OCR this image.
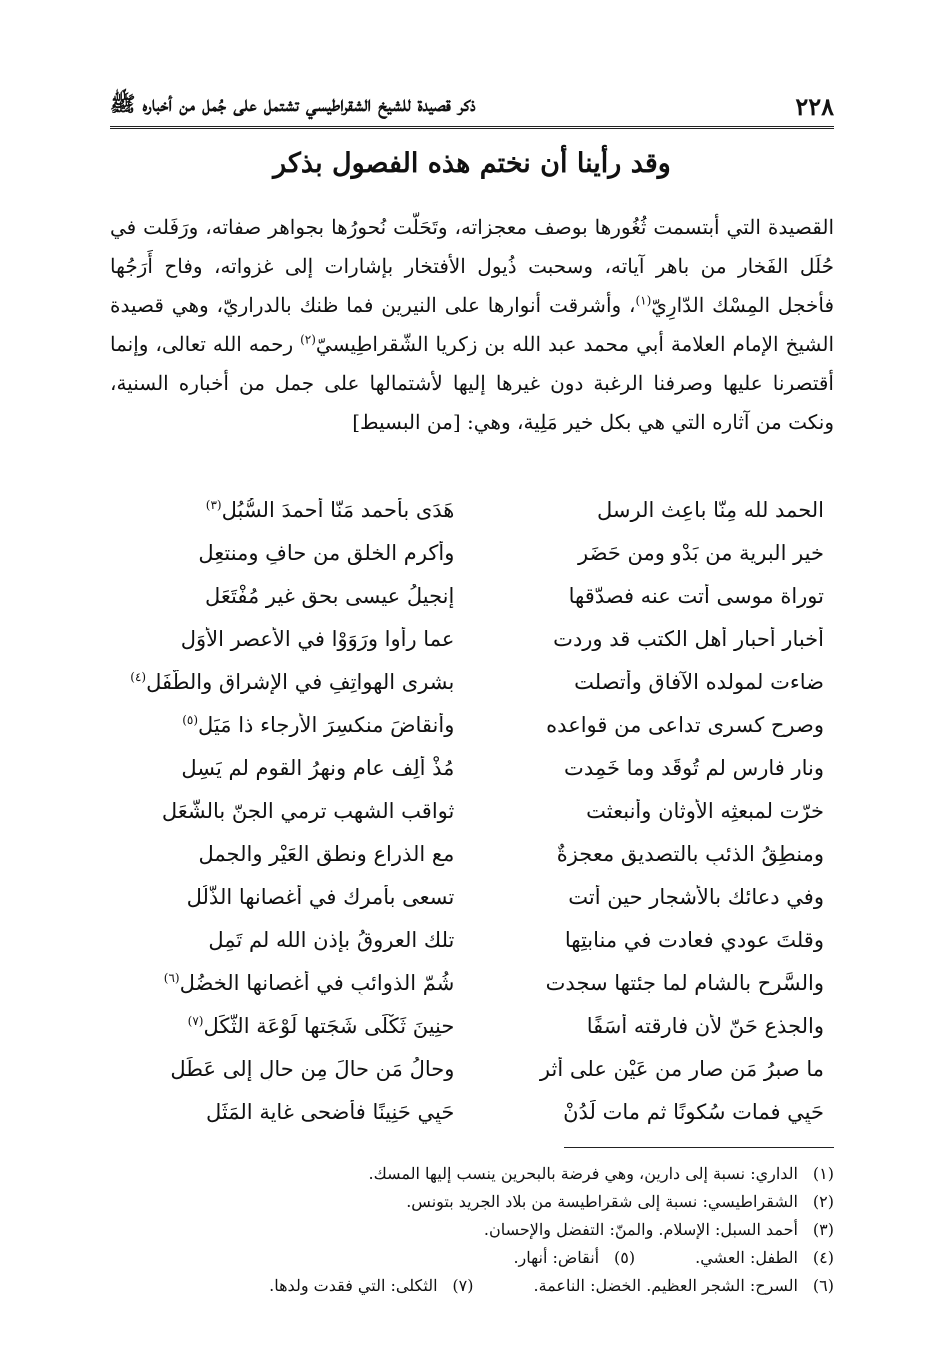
٢٢٨
ذكر قصيدة للشيخ الشقراطيسي تشتمل على جُمل من أخباره ﷺ
وقد رأينا أن نختم هذه الفصول بذكر

القصيدة التي أبتسمت ثُغُورها بوصف معجزاته، وتَحَلّت نُحورُها بجواهر صفاته، ورَفَلت في حُلَل الفَخار من باهر آياته، وسحبت ذُيول الأفتخار بإشارات إلى غزواته، وفاح أَرَجُها فأخجل المِسْك الدّارِيّ$^{(١)}$، وأشرقت أنوارها على النيرين فما ظنك بالدراريّ، وهي قصيدة الشيخ الإمام العلامة أبي محمد عبد الله بن زكريا الشّقراطِيسيّ$^{(٢)}$ رحمه الله تعالى، وإنما أقتصرنا عليها وصرفنا الرغبة دون غيرها إليها لأشتمالها على جمل من أخباره السنية، ونكت من آثاره التي هي بكل خير مَلِية، وهي: [من البسيط]

الحمد لله مِنّا باعِث الرسلِ
هَدَى بأحمد مَنّا أحمدَ السُّبُلِ$^{(٣)}$
خير البرية من بَدْوٍ ومن حَضَرِ
وأكرم الخلق من حافٍ ومنتعِلِ
توراة موسى أتت عنه فصدّقها
إنجيلُ عيسى بحقٍ غير مُفْتَعَلِ
أخبار أحبارِ أهل الكتب قد وردت
عما رأوا ورَوَوْا في الأعصر الأوَلِ
ضاءت لمولده الآفاق وأتصلت
بشرى الهواتِفِ في الإشراقِ والطَّفَلِ$^{(٤)}$
وصرح كسرى تداعى من قواعده
وأنقاضَ منكسِرَ الأرجاء ذا مَيَلِ$^{(٥)}$
ونار فارس لم تُوقَد وما خَمِدت
مُذْ أَلِف عام ونهرُ القوم لم يَسِلِ
خرّت لمبعثِه الأوثان وأنبعثت
ثواقب الشهب ترمي الجنّ بالشُّعَلِ
ومنطِقُ الذئبِ بالتصديق معجزةٌ
مع الذراع ونطق العَيْرِ والجملِ
وفي دعائك بالأشجار حين أتت
تسعى بأمرك في أغصانها الذُّلُلِ
وقلتَ عودي فعادت في منابتِها
تلك العروقُ بإذن الله لم تَمِلِ
والسَّرح بالشام لما جئتها سجدت
شُمّ الذوائبِ في أغصانها الخضُلِ$^{(٦)}$
والجذع حَنّ لأن فارقته أسَفًا
حنِينَ ثَكْلَى شَجَتها لَوْعَة الثَّكَلِ$^{(٧)}$
ما صبرُ مَن صار من عَيْنٍ على أثرٍ
وحالُ مَن حالَ مِن حالٍ إلى عَطَلِ
حَيِي فمات سُكونًا ثم مات لَدُنْ
حَيِي حَنِينًا فأضحى غاية المَثَلِ
(١)الداري: نسبة إلى دارين، وهي فرضة بالبحرين ينسب إليها المسك.
(٢)الشقراطيسي: نسبة إلى شقراطيسة من بلاد الجريد بتونس.
(٣)أحمد السبل: الإسلام. والمنّ: التفضل والإحسان.
(٤)الطفل: العشي.(٥)أنقاض: أنهار.
(٦)السرح: الشجر العظيم. الخضل: الناعمة.(٧)الثكلى: التي فقدت ولدها.
